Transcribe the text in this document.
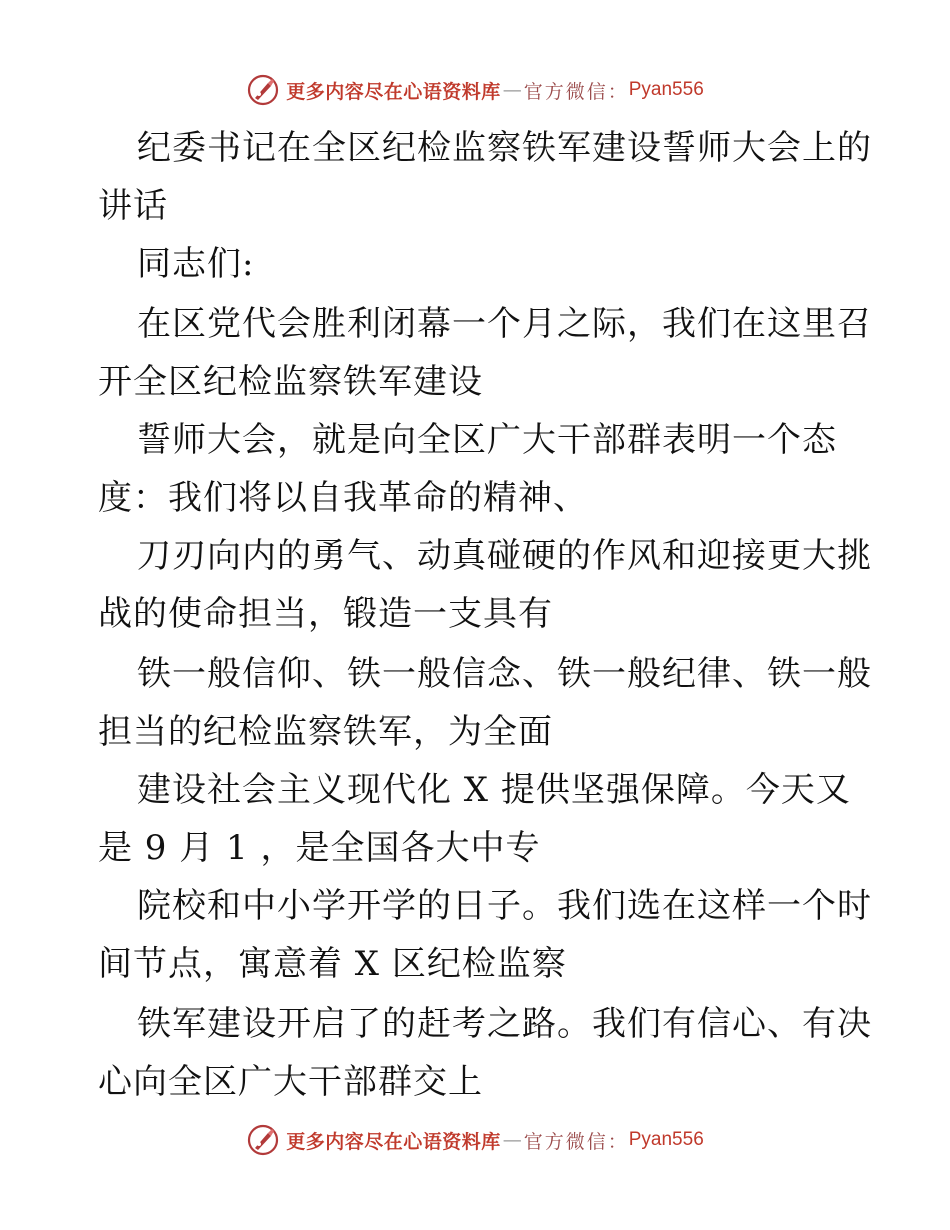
更多内容尽在心语资料库 — 官方微信： Pyan556
纪委书记在全区纪检监察铁军建设誓师大会上的
讲话
同志们:
在区党代会胜利闭幕一个月之际，我们在这里召
开全区纪检监察铁军建设
誓师大会，就是向全区广大干部群表明一个态
度：我们将以自我革命的精神、
刀刃向内的勇气、动真碰硬的作风和迎接更大挑
战的使命担当，锻造一支具有
铁一般信仰、铁一般信念、铁一般纪律、铁一般
担当的纪检监察铁军，为全面
建设社会主义现代化 X 提供坚强保障。今天又
是 9 月 1 ，是全国各大中专
院校和中小学开学的日子。我们选在这样一个时
间节点，寓意着 X 区纪检监察
铁军建设开启了的赶考之路。我们有信心、有决
心向全区广大干部群交上
更多内容尽在心语资料库 — 官方微信： Pyan556
